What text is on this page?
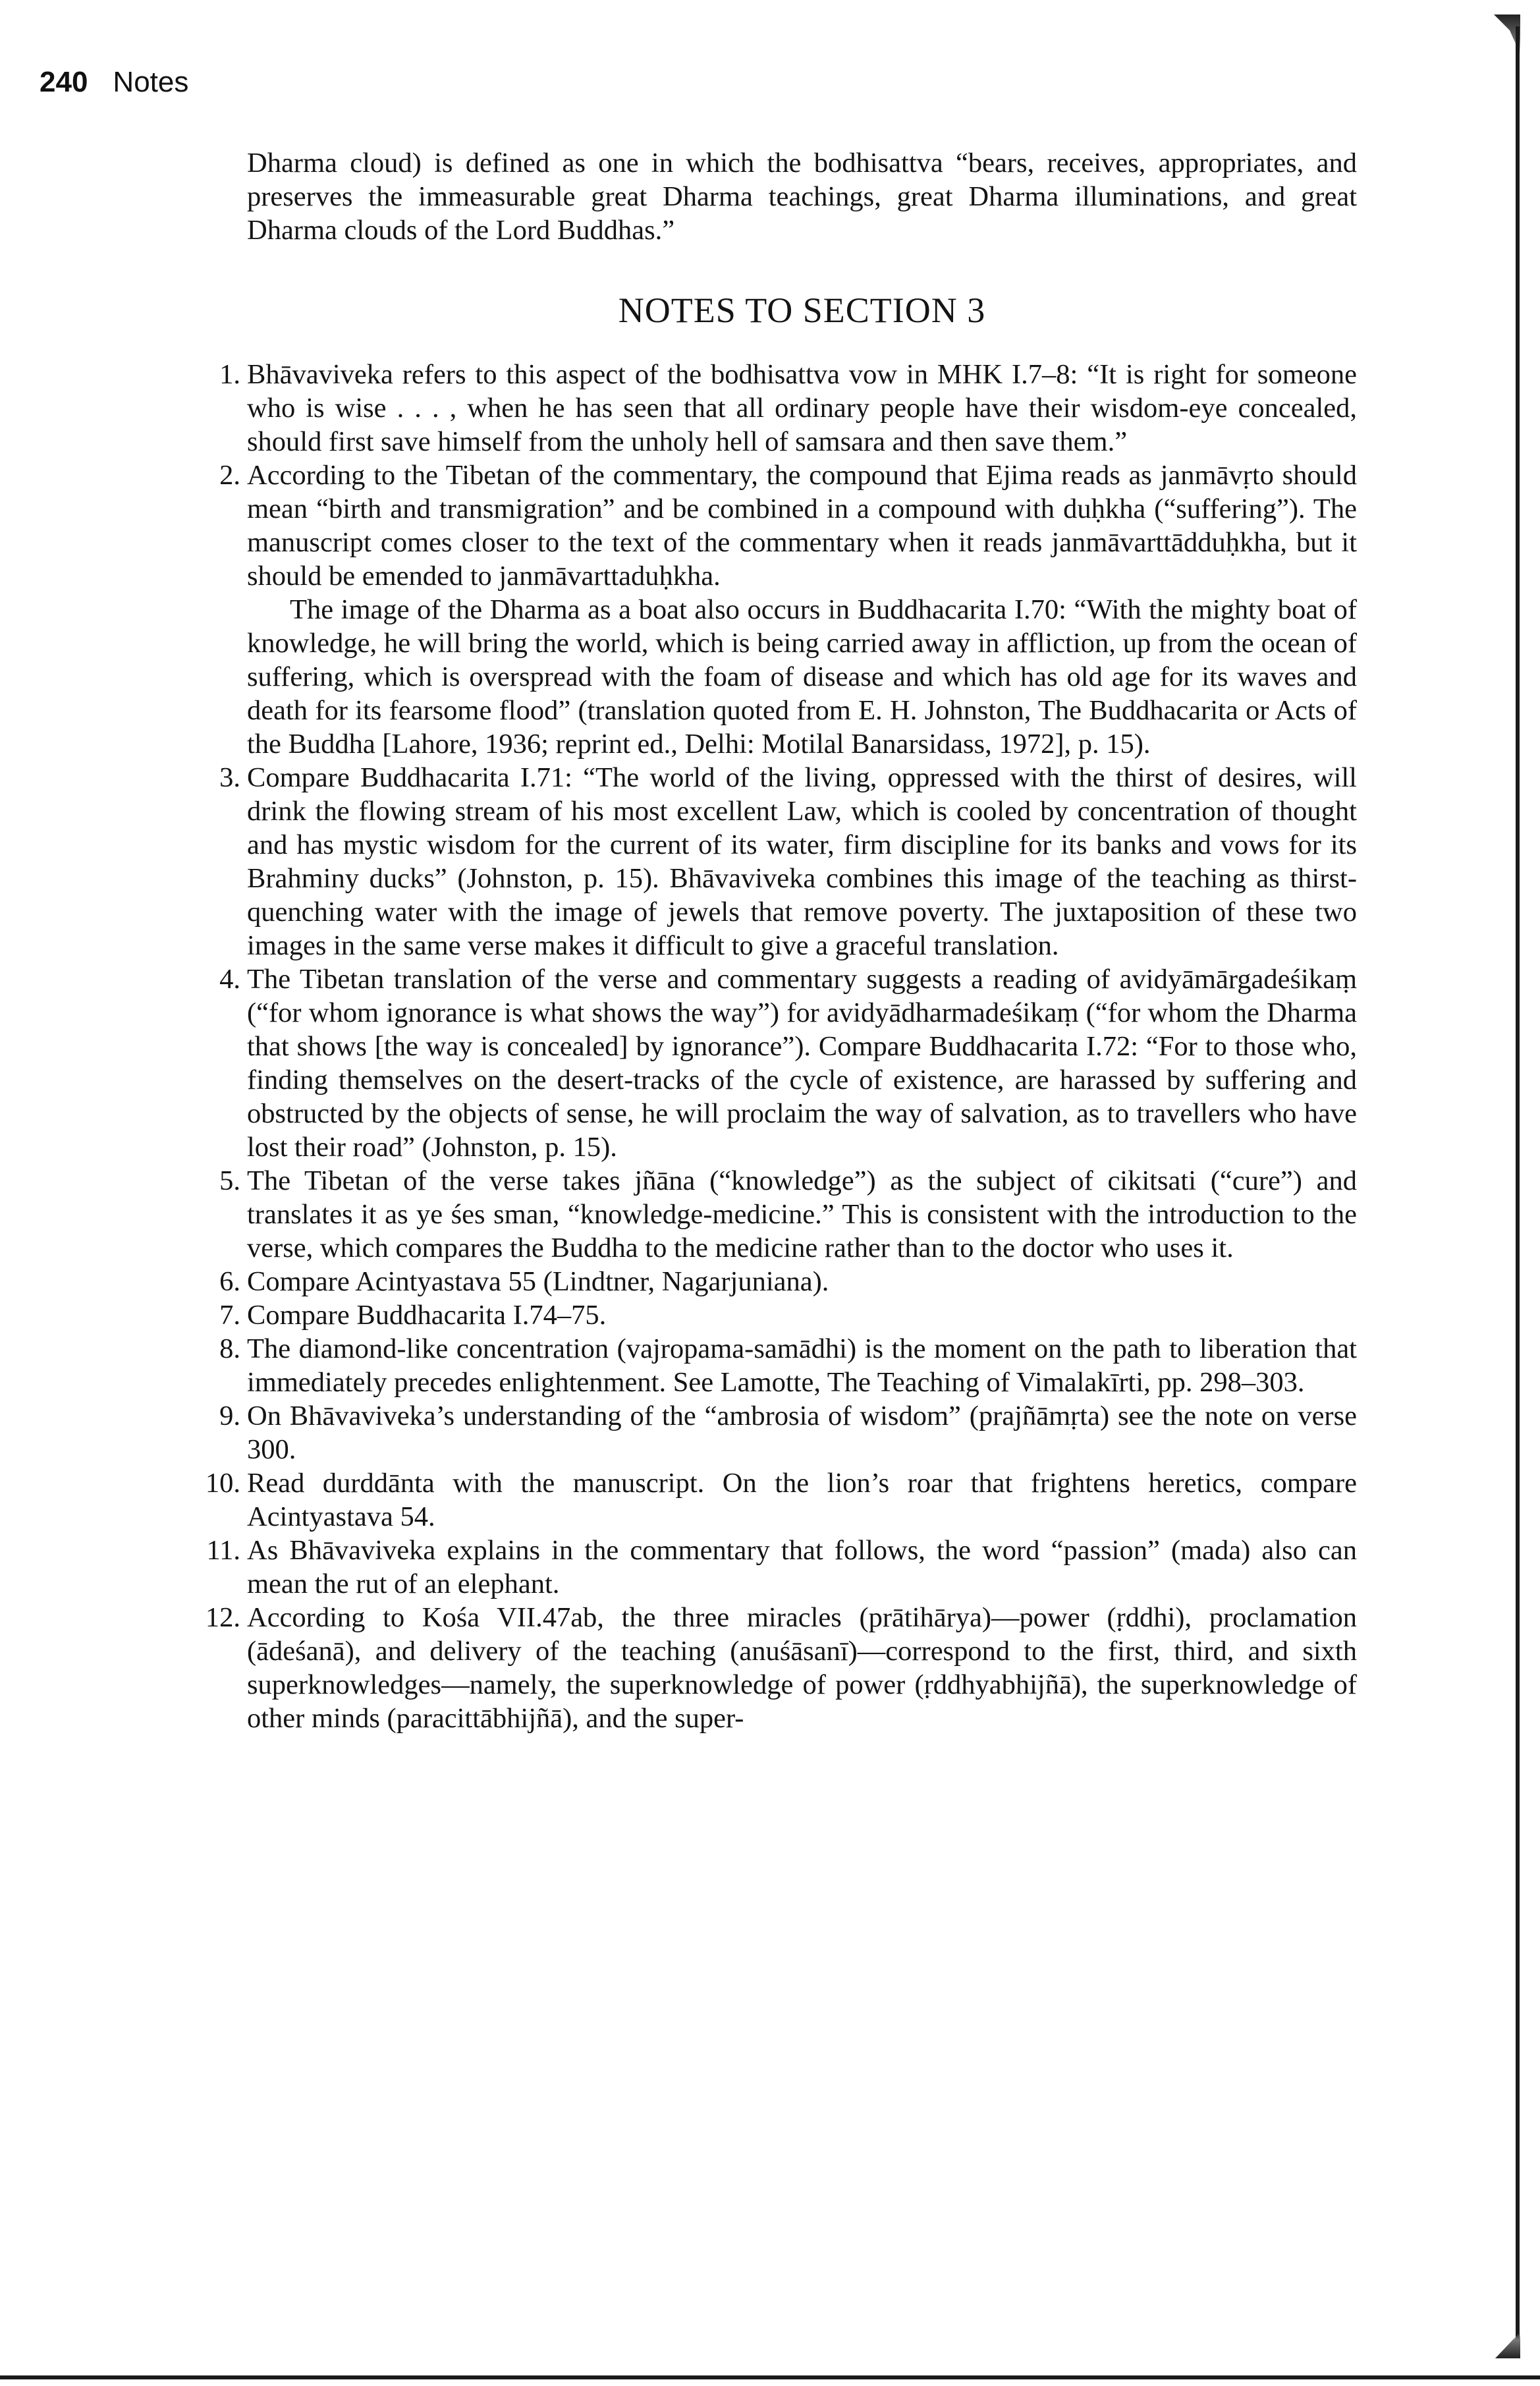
240 Notes

Dharma cloud) is defined as one in which the bodhisattva “bears, receives, appropriates, and preserves the immeasurable great Dharma teachings, great Dharma illuminations, and great Dharma clouds of the Lord Buddhas.”

NOTES TO SECTION 3
1. Bhāvaviveka refers to this aspect of the bodhisattva vow in MHK I.7–8: “It is right for someone who is wise . . . , when he has seen that all ordinary people have their wisdom-eye concealed, should first save himself from the unholy hell of samsara and then save them.”

2. According to the Tibetan of the commentary, the compound that Ejima reads as janmāvṛto should mean “birth and transmigration” and be combined in a compound with duḥkha (“suffering”). The manuscript comes closer to the text of the commentary when it reads janmāvarttādduḥkha, but it should be emended to janmāvarttaduḥkha.

The image of the Dharma as a boat also occurs in Buddhacarita I.70: “With the mighty boat of knowledge, he will bring the world, which is being carried away in affliction, up from the ocean of suffering, which is overspread with the foam of disease and which has old age for its waves and death for its fearsome flood” (translation quoted from E. H. Johnston, The Buddhacarita or Acts of the Buddha [Lahore, 1936; reprint ed., Delhi: Motilal Banarsidass, 1972], p. 15).

3. Compare Buddhacarita I.71: “The world of the living, oppressed with the thirst of desires, will drink the flowing stream of his most excellent Law, which is cooled by concentration of thought and has mystic wisdom for the current of its water, firm discipline for its banks and vows for its Brahminy ducks” (Johnston, p. 15). Bhāvaviveka combines this image of the teaching as thirst-quenching water with the image of jewels that remove poverty. The juxtaposition of these two images in the same verse makes it difficult to give a graceful translation.

4. The Tibetan translation of the verse and commentary suggests a reading of avidyāmārgadeśikaṃ (“for whom ignorance is what shows the way”) for avidyādharmadeśikaṃ (“for whom the Dharma that shows [the way is concealed] by ignorance”). Compare Buddhacarita I.72: “For to those who, finding themselves on the desert-tracks of the cycle of existence, are harassed by suffering and obstructed by the objects of sense, he will proclaim the way of salvation, as to travellers who have lost their road” (Johnston, p. 15).

5. The Tibetan of the verse takes jñāna (“knowledge”) as the subject of cikitsati (“cure”) and translates it as ye śes sman, “knowledge-medicine.” This is consistent with the introduction to the verse, which compares the Buddha to the medicine rather than to the doctor who uses it.

6. Compare Acintyastava 55 (Lindtner, Nagarjuniana).

7. Compare Buddhacarita I.74–75.

8. The diamond-like concentration (vajropama-samādhi) is the moment on the path to liberation that immediately precedes enlightenment. See Lamotte, The Teaching of Vimalakīrti, pp. 298–303.

9. On Bhāvaviveka’s understanding of the “ambrosia of wisdom” (prajñāmṛta) see the note on verse 300.

10. Read durddānta with the manuscript. On the lion’s roar that frightens heretics, compare Acintyastava 54.

11. As Bhāvaviveka explains in the commentary that follows, the word “passion” (mada) also can mean the rut of an elephant.

12. According to Kośa VII.47ab, the three miracles (prātihārya)—power (ṛddhi), proclamation (ādeśanā), and delivery of the teaching (anuśāsanī)—correspond to the first, third, and sixth superknowledges—namely, the superknowledge of power (ṛddhyabhijñā), the superknowledge of other minds (paracittābhijñā), and the super-
